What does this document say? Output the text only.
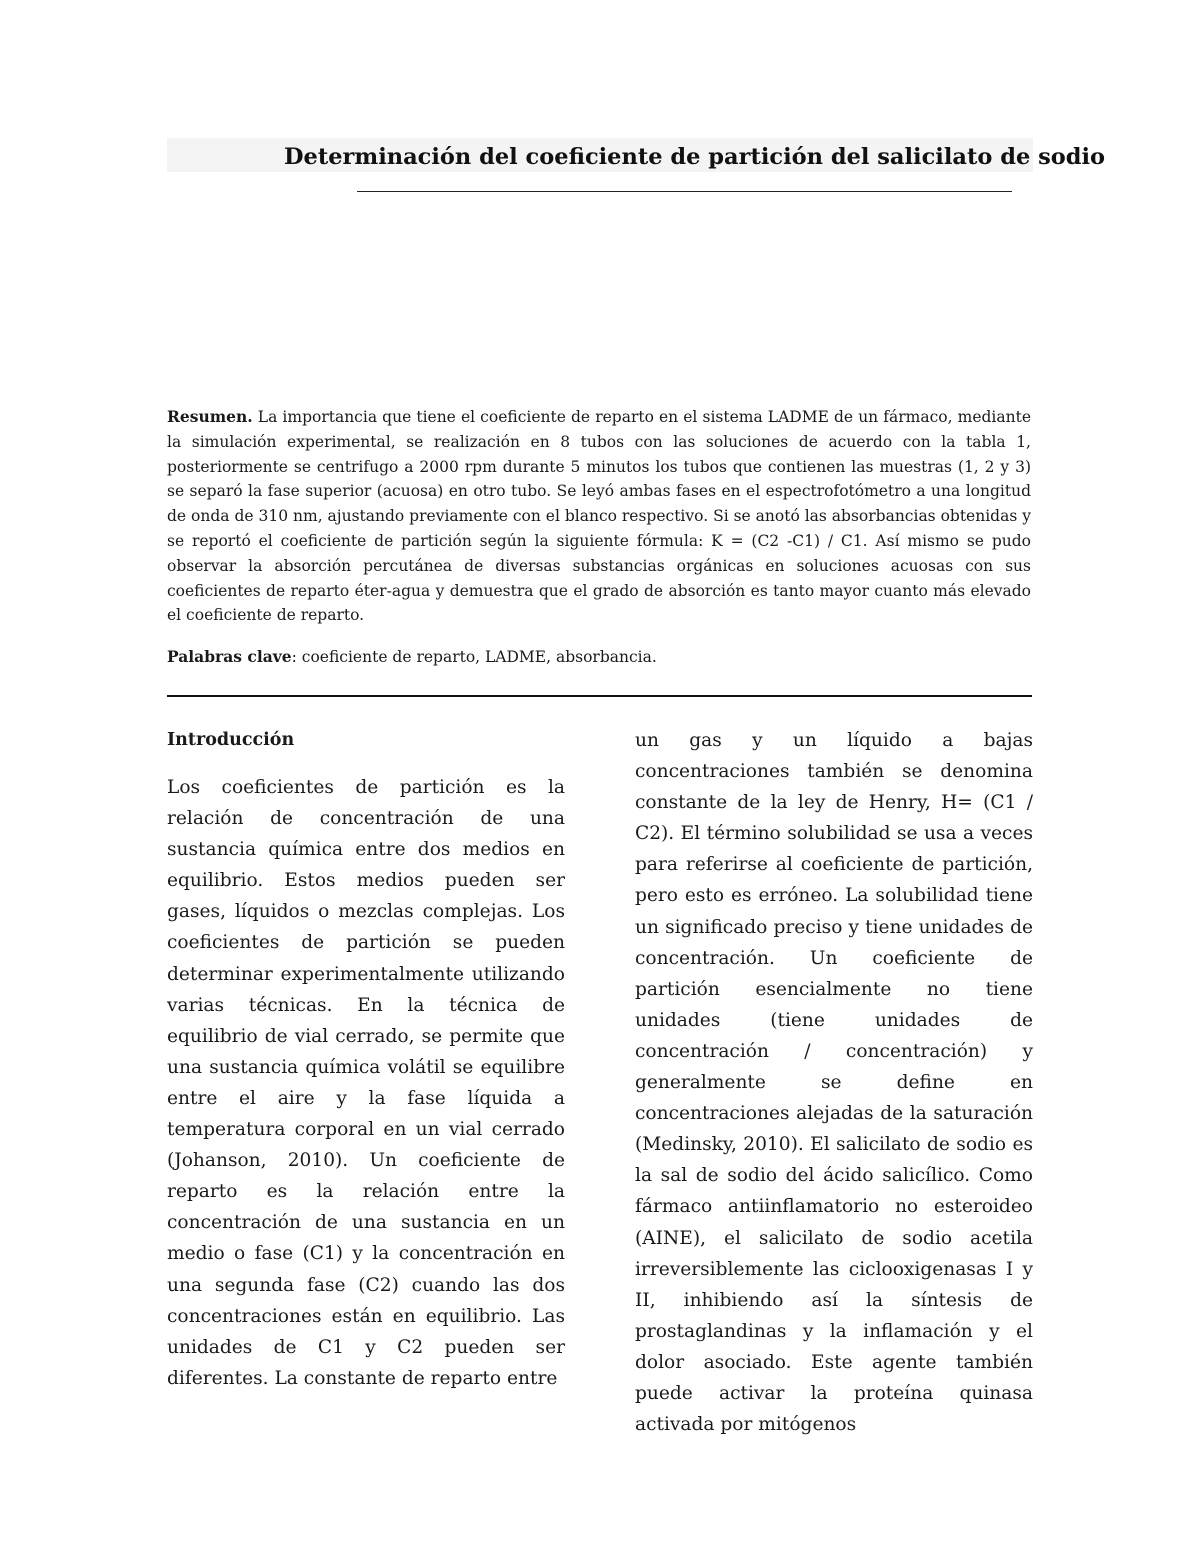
Determinación del coeficiente de partición del salicilato de sodio

Resumen. La importancia que tiene el coeficiente de reparto en el sistema LADME de un fármaco, mediante la simulación experimental, se realización en 8 tubos con las soluciones de acuerdo con la tabla 1, posteriormente se centrifugo a 2000 rpm durante 5 minutos los tubos que contienen las muestras (1, 2 y 3) se separó la fase superior (acuosa) en otro tubo. Se leyó ambas fases en el espectrofotómetro a una longitud de onda de 310 nm, ajustando previamente con el blanco respectivo. Si se anotó las absorbancias obtenidas y se reportó el coeficiente de partición según la siguiente fórmula: K = (C2 -C1) / C1. Así mismo se pudo observar la absorción percutánea de diversas substancias orgánicas en soluciones acuosas con sus coeficientes de reparto éter-agua y demuestra que el grado de absorción es tanto mayor cuanto más elevado el coeficiente de reparto.

Palabras clave: coeficiente de reparto, LADME, absorbancia.

Introducción

Los coeficientes de partición es la relación de concentración de una sustancia química entre dos medios en equilibrio. Estos medios pueden ser gases, líquidos o mezclas complejas. Los coeficientes de partición se pueden determinar experimentalmente utilizando varias técnicas. En la técnica de equilibrio de vial cerrado, se permite que una sustancia química volátil se equilibre entre el aire y la fase líquida a temperatura corporal en un vial cerrado (Johanson, 2010). Un coeficiente de reparto es la relación entre la concentración de una sustancia en un medio o fase (C1) y la concentración en una segunda fase (C2) cuando las dos concentraciones están en equilibrio. Las unidades de C1 y C2 pueden ser diferentes. La constante de reparto entre

un gas y un líquido a bajas concentraciones también se denomina constante de la ley de Henry, H= (C1 / C2). El término solubilidad se usa a veces para referirse al coeficiente de partición, pero esto es erróneo. La solubilidad tiene un significado preciso y tiene unidades de concentración. Un coeficiente de partición esencialmente no tiene unidades (tiene unidades de concentración / concentración) y generalmente se define en concentraciones alejadas de la saturación (Medinsky, 2010). El salicilato de sodio es la sal de sodio del ácido salicílico. Como fármaco antiinflamatorio no esteroideo (AINE), el salicilato de sodio acetila irreversiblemente las ciclooxigenasas I y II, inhibiendo así la síntesis de prostaglandinas y la inflamación y el dolor asociado. Este agente también puede activar la proteína quinasa activada por mitógenos
